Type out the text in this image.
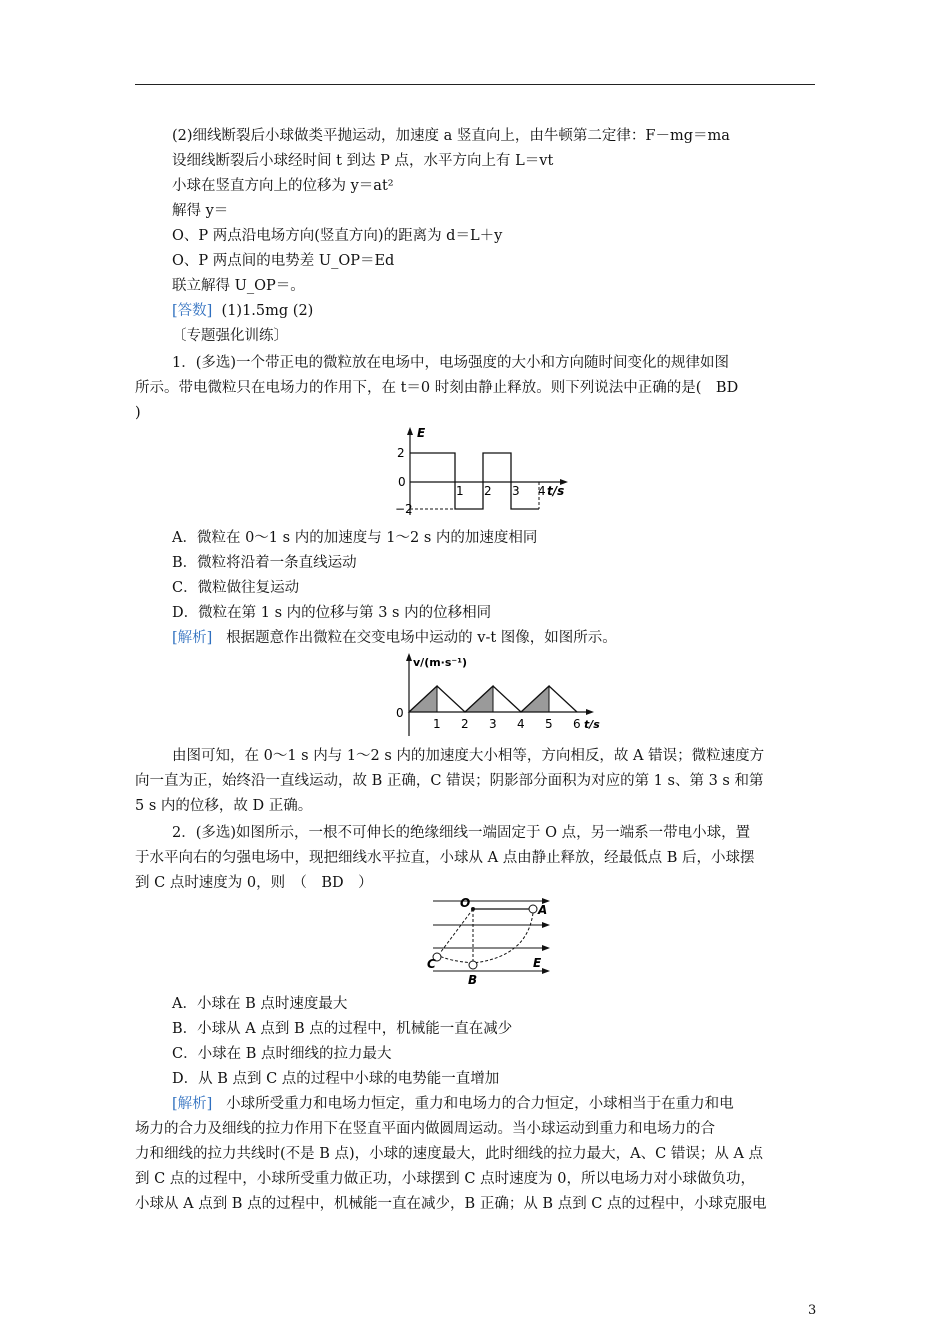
(2)细线断裂后小球做类平抛运动，加速度 a 竖直向上，由牛顿第二定律：F－mg＝ma
设细线断裂后小球经时间 t 到达 P 点，水平方向上有 L＝vt
小球在竖直方向上的位移为 y＝at²
解得 y＝
O、P 两点沿电场方向(竖直方向)的距离为 d＝L＋y
O、P 两点间的电势差 U_OP＝Ed
联立解得 U_OP＝。
[答数] (1)1.5mg (2)
〔专题强化训练〕
1．(多选)一个带正电的微粒放在电场中，电场强度的大小和方向随时间变化的规律如图
所示。带电微粒只在电场力的作用下，在 t＝0 时刻由静止释放。则下列说法中正确的是(　BD
)
E
2
0
−2
1 2 3 4 t/s
A．微粒在 0～1 s 内的加速度与 1～2 s 内的加速度相同
B．微粒将沿着一条直线运动
C．微粒做往复运动
D．微粒在第 1 s 内的位移与第 3 s 内的位移相同
[解析] 根据题意作出微粒在交变电场中运动的 v-t 图像，如图所示。
v/(m·s⁻¹)
0
1 2 3 4 5 6 t/s
由图可知，在 0～1 s 内与 1～2 s 内的加速度大小相等，方向相反，故 A 错误；微粒速度方
向一直为正，始终沿一直线运动，故 B 正确，C 错误；阴影部分面积为对应的第 1 s、第 3 s 和第
5 s 内的位移，故 D 正确。
2．(多选)如图所示，一根不可伸长的绝缘细线一端固定于 O 点，另一端系一带电小球，置
于水平向右的匀强电场中，现把细线水平拉直，小球从 A 点由静止释放，经最低点 B 后，小球摆
到 C 点时速度为 0，则　（　BD　）
O	A
B
C	E
A．小球在 B 点时速度最大
B．小球从 A 点到 B 点的过程中，机械能一直在减少
C．小球在 B 点时细线的拉力最大
D．从 B 点到 C 点的过程中小球的电势能一直增加
[解析] 小球所受重力和电场力恒定，重力和电场力的合力恒定，小球相当于在重力和电
场力的合力及细线的拉力作用下在竖直平面内做圆周运动。当小球运动到重力和电场力的合
力和细线的拉力共线时(不是 B 点)，小球的速度最大，此时细线的拉力最大，A、C 错误；从 A 点
到 C 点的过程中，小球所受重力做正功，小球摆到 C 点时速度为 0，所以电场力对小球做负功，
小球从 A 点到 B 点的过程中，机械能一直在减少，B 正确；从 B 点到 C 点的过程中，小球克服电
3
